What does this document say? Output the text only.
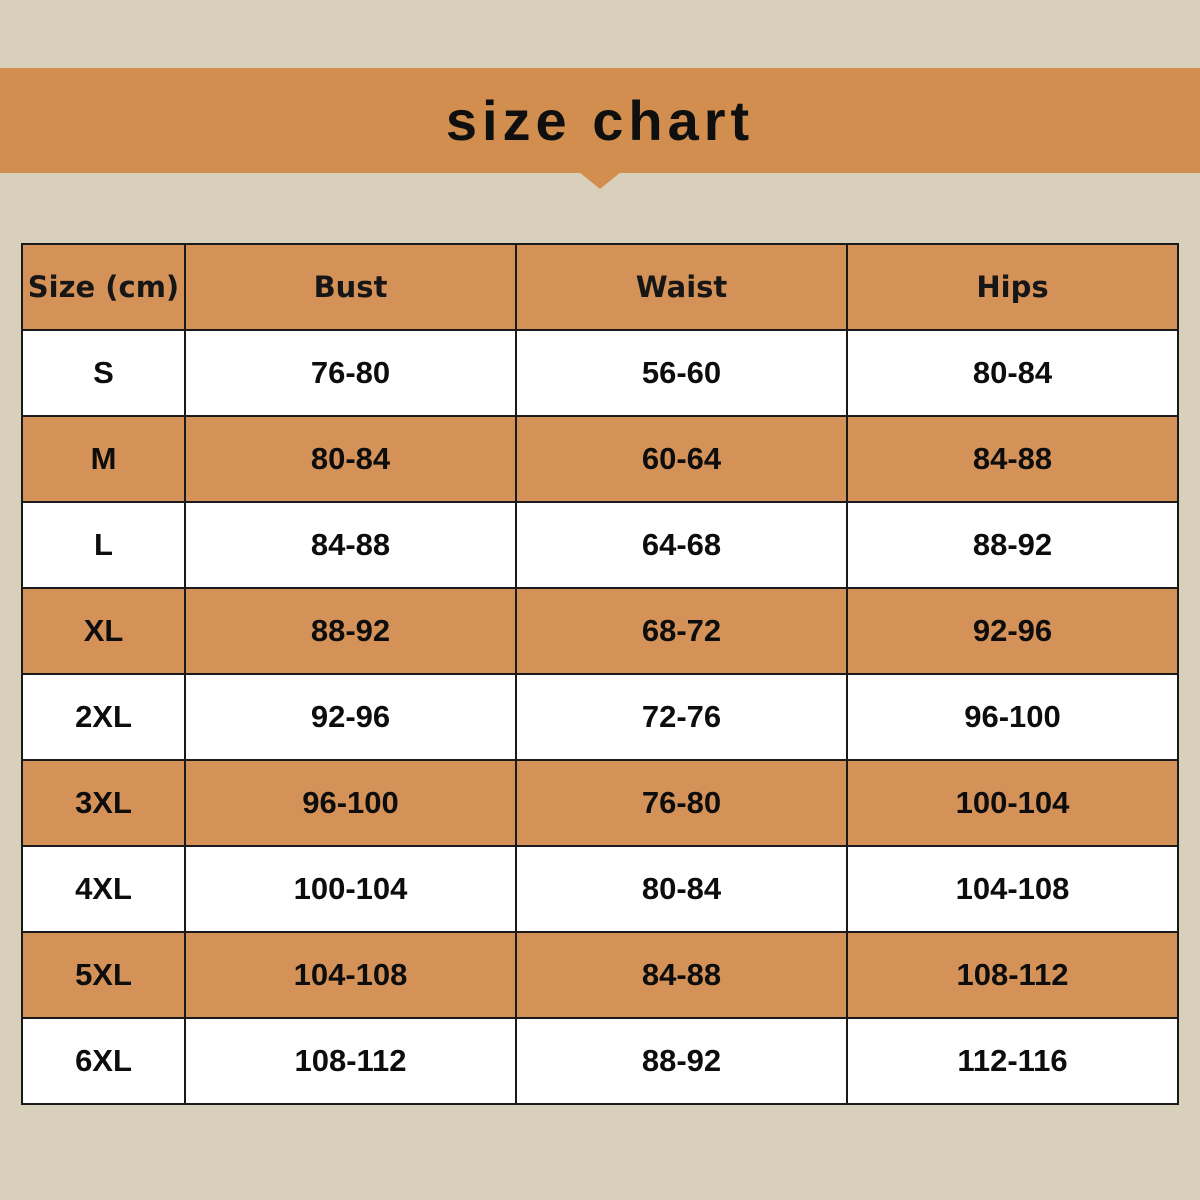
size chart
Size (cm)	Bust	Waist	Hips
S	76-80	56-60	80-84
M	80-84	60-64	84-88
L	84-88	64-68	88-92
XL	88-92	68-72	92-96
2XL	92-96	72-76	96-100
3XL	96-100	76-80	100-104
4XL	100-104	80-84	104-108
5XL	104-108	84-88	108-112
6XL	108-112	88-92	112-116
